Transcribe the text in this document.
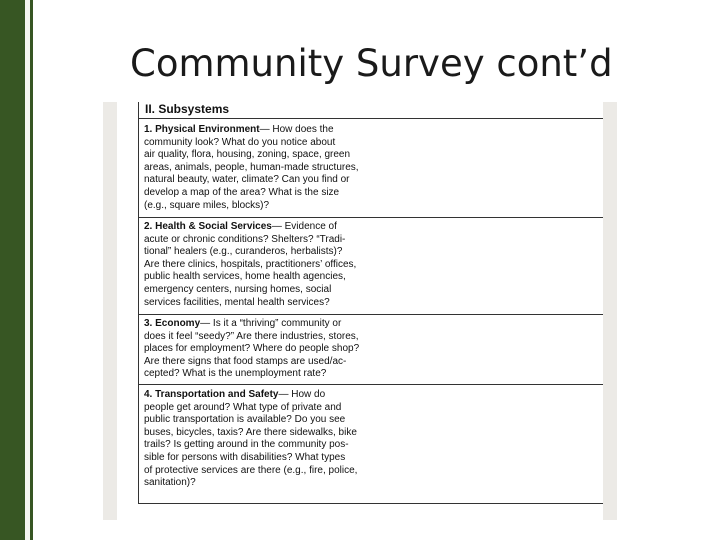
Community Survey cont’d
II. Subsystems
1. Physical Environment— How does the
community look? What do you notice about
air quality, flora, housing, zoning, space, green
areas, animals, people, human-made structures,
natural beauty, water, climate? Can you find or
develop a map of the area? What is the size
(e.g., square miles, blocks)?
2. Health & Social Services— Evidence of
acute or chronic conditions? Shelters? “Tradi-
tional” healers (e.g., curanderos, herbalists)?
Are there clinics, hospitals, practitioners’ offices,
public health services, home health agencies,
emergency centers, nursing homes, social
services facilities, mental health services?
3. Economy— Is it a “thriving” community or
does it feel “seedy?” Are there industries, stores,
places for employment? Where do people shop?
Are there signs that food stamps are used/ac-
cepted? What is the unemployment rate?
4. Transportation and Safety— How do
people get around? What type of private and
public transportation is available? Do you see
buses, bicycles, taxis? Are there sidewalks, bike
trails? Is getting around in the community pos-
sible for persons with disabilities? What types
of protective services are there (e.g., fire, police,
sanitation)?
